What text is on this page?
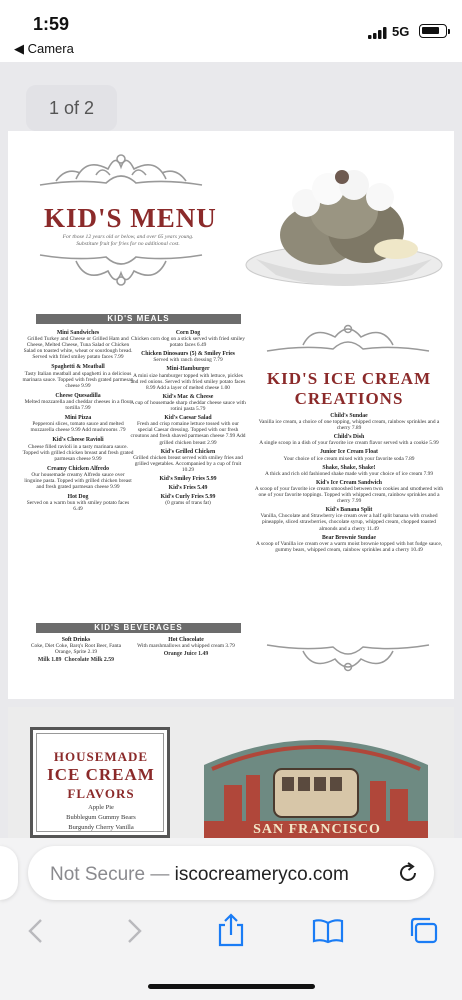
1:59
◀ Camera
5G
1 of 2
KID'S MENU
For those 12 years old or below, and over 65 years young.
Substitute fruit for fries for no additional cost.
KID'S MEALS
Mini Sandwiches
Grilled Turkey and Cheese or Grilled Ham and Cheese, Melted Cheese, Tuna Salad or Chicken Salad on toasted white, wheat or sourdough bread. Served with fried smiley potato faces 7.99
Spaghetti & Meatball
Tasty Italian meatball and spaghetti in a delicious marinara sauce. Topped with fresh grated parmesan cheese 9.99
Cheese Quesadilla
Melted mozzarella and cheddar cheeses in a flour tortilla 7.99
Mini Pizza
Pepperoni slices, tomato sauce and melted mozzarella cheese 9.99 Add mushrooms .79
Kid's Cheese Ravioli
Cheese filled ravioli in a tasty marinara sauce. Topped with grilled chicken breast and fresh grated parmesan cheese 9.99
Creamy Chicken Alfredo
Our housemade creamy Alfredo sauce over linguine pasta. Topped with grilled chicken breast and fresh grated parmesan cheese 9.99
Hot Dog
Served on a warm bun with smiley potato faces 6.49
Corn Dog
Chicken corn dog on a stick served with fried smiley potato faces 6.49
Chicken Dinosaurs (5) & Smiley Fries
Served with ranch dressing 7.79
Mini-Hamburger
A mini size hamburger topped with lettuce, pickles and red onions. Served with fried smiley potato faces 8.99 Add a layer of melted cheese 1.00
Kid's Mac & Cheese
A cup of housemade sharp cheddar cheese sauce with rotini pasta 5.79
Kid's Caesar Salad
Fresh and crisp romaine lettuce tossed with our special Caesar dressing. Topped with our fresh croutons and fresh shaved parmesan cheese 7.99 Add grilled chicken breast 2.99
Kid's Grilled Chicken
Grilled chicken breast served with smiley fries and grilled vegetables. Accompanied by a cup of fruit 10.29
Kid's Smiley Fries 5.99
Kid's Fries 5.49
Kid's Curly Fries 5.99
(0 grams of trans fat)
KID'S BEVERAGES
Soft Drinks
Coke, Diet Coke, Barq's Root Beer, Fanta Orange, Sprite 2.19
Milk 1.89 Chocolate Milk 2.59
Hot Chocolate
With marshmallows and whipped cream 3.79
Orange Juice 1.49
KID'S ICE CREAM
CREATIONS
Child's Sundae
Vanilla ice cream, a choice of one topping, whipped cream, rainbow sprinkles and a cherry 7.89
Child's Dish
A single scoop in a dish of your favorite ice cream flavor served with a cookie 5.99
Junior Ice Cream Float
Your choice of ice cream mixed with your favorite soda 7.89
Shake, Shake, Shake!
A thick and rich old fashioned shake made with your choice of ice cream 7.99
Kid's Ice Cream Sandwich
A scoop of your favorite ice cream smooshed between two cookies and smothered with one of your favorite toppings. Topped with whipped cream, rainbow sprinkles and a cherry 7.99
Kid's Banana Split
Vanilla, Chocolate and Strawberry ice cream over a half split banana with crushed pineapple, sliced strawberries, chocolate syrup, whipped cream, chopped toasted almonds and a cherry 11.49
Bear Brownie Sundae
A scoop of Vanilla ice cream over a warm moist brownie topped with hot fudge sauce, gummy bears, whipped cream, rainbow sprinkles and a cherry 10.49
HOUSEMADE
ICE CREAM
FLAVORS
Apple Pie
Bubblegum Gummy Bears
Burgundy Cherry Vanilla	SAN FRANCISCO
Not Secure — iscocreameryco.com
